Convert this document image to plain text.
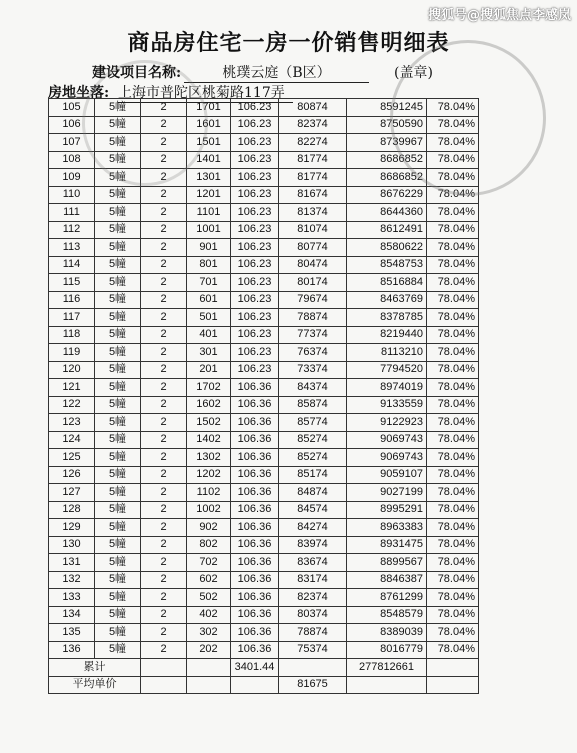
搜狐号@搜狐焦点李感岚
商品房住宅一房一价销售明细表
建设项目名称:	桃璞云庭（B区）	(盖章)
房地坐落: 上海市普陀区桃菊路117弄
105	5幢	2	1701	106.23	80874	8591245	78.04%
106	5幢	2	1601	106.23	82374	8750590	78.04%
107	5幢	2	1501	106.23	82274	8739967	78.04%
108	5幢	2	1401	106.23	81774	8686852	78.04%
109	5幢	2	1301	106.23	81774	8686852	78.04%
110	5幢	2	1201	106.23	81674	8676229	78.04%
111	5幢	2	1101	106.23	81374	8644360	78.04%
112	5幢	2	1001	106.23	81074	8612491	78.04%
113	5幢	2	901	106.23	80774	8580622	78.04%
114	5幢	2	801	106.23	80474	8548753	78.04%
115	5幢	2	701	106.23	80174	8516884	78.04%
116	5幢	2	601	106.23	79674	8463769	78.04%
117	5幢	2	501	106.23	78874	8378785	78.04%
118	5幢	2	401	106.23	77374	8219440	78.04%
119	5幢	2	301	106.23	76374	8113210	78.04%
120	5幢	2	201	106.23	73374	7794520	78.04%
121	5幢	2	1702	106.36	84374	8974019	78.04%
122	5幢	2	1602	106.36	85874	9133559	78.04%
123	5幢	2	1502	106.36	85774	9122923	78.04%
124	5幢	2	1402	106.36	85274	9069743	78.04%
125	5幢	2	1302	106.36	85274	9069743	78.04%
126	5幢	2	1202	106.36	85174	9059107	78.04%
127	5幢	2	1102	106.36	84874	9027199	78.04%
128	5幢	2	1002	106.36	84574	8995291	78.04%
129	5幢	2	902	106.36	84274	8963383	78.04%
130	5幢	2	802	106.36	83974	8931475	78.04%
131	5幢	2	702	106.36	83674	8899567	78.04%
132	5幢	2	602	106.36	83174	8846387	78.04%
133	5幢	2	502	106.36	82374	8761299	78.04%
134	5幢	2	402	106.36	80374	8548579	78.04%
135	5幢	2	302	106.36	78874	8389039	78.04%
136	5幢	2	202	106.36	75374	8016779	78.04%
累计				3401.44		277812661	
平均单价					81675		
